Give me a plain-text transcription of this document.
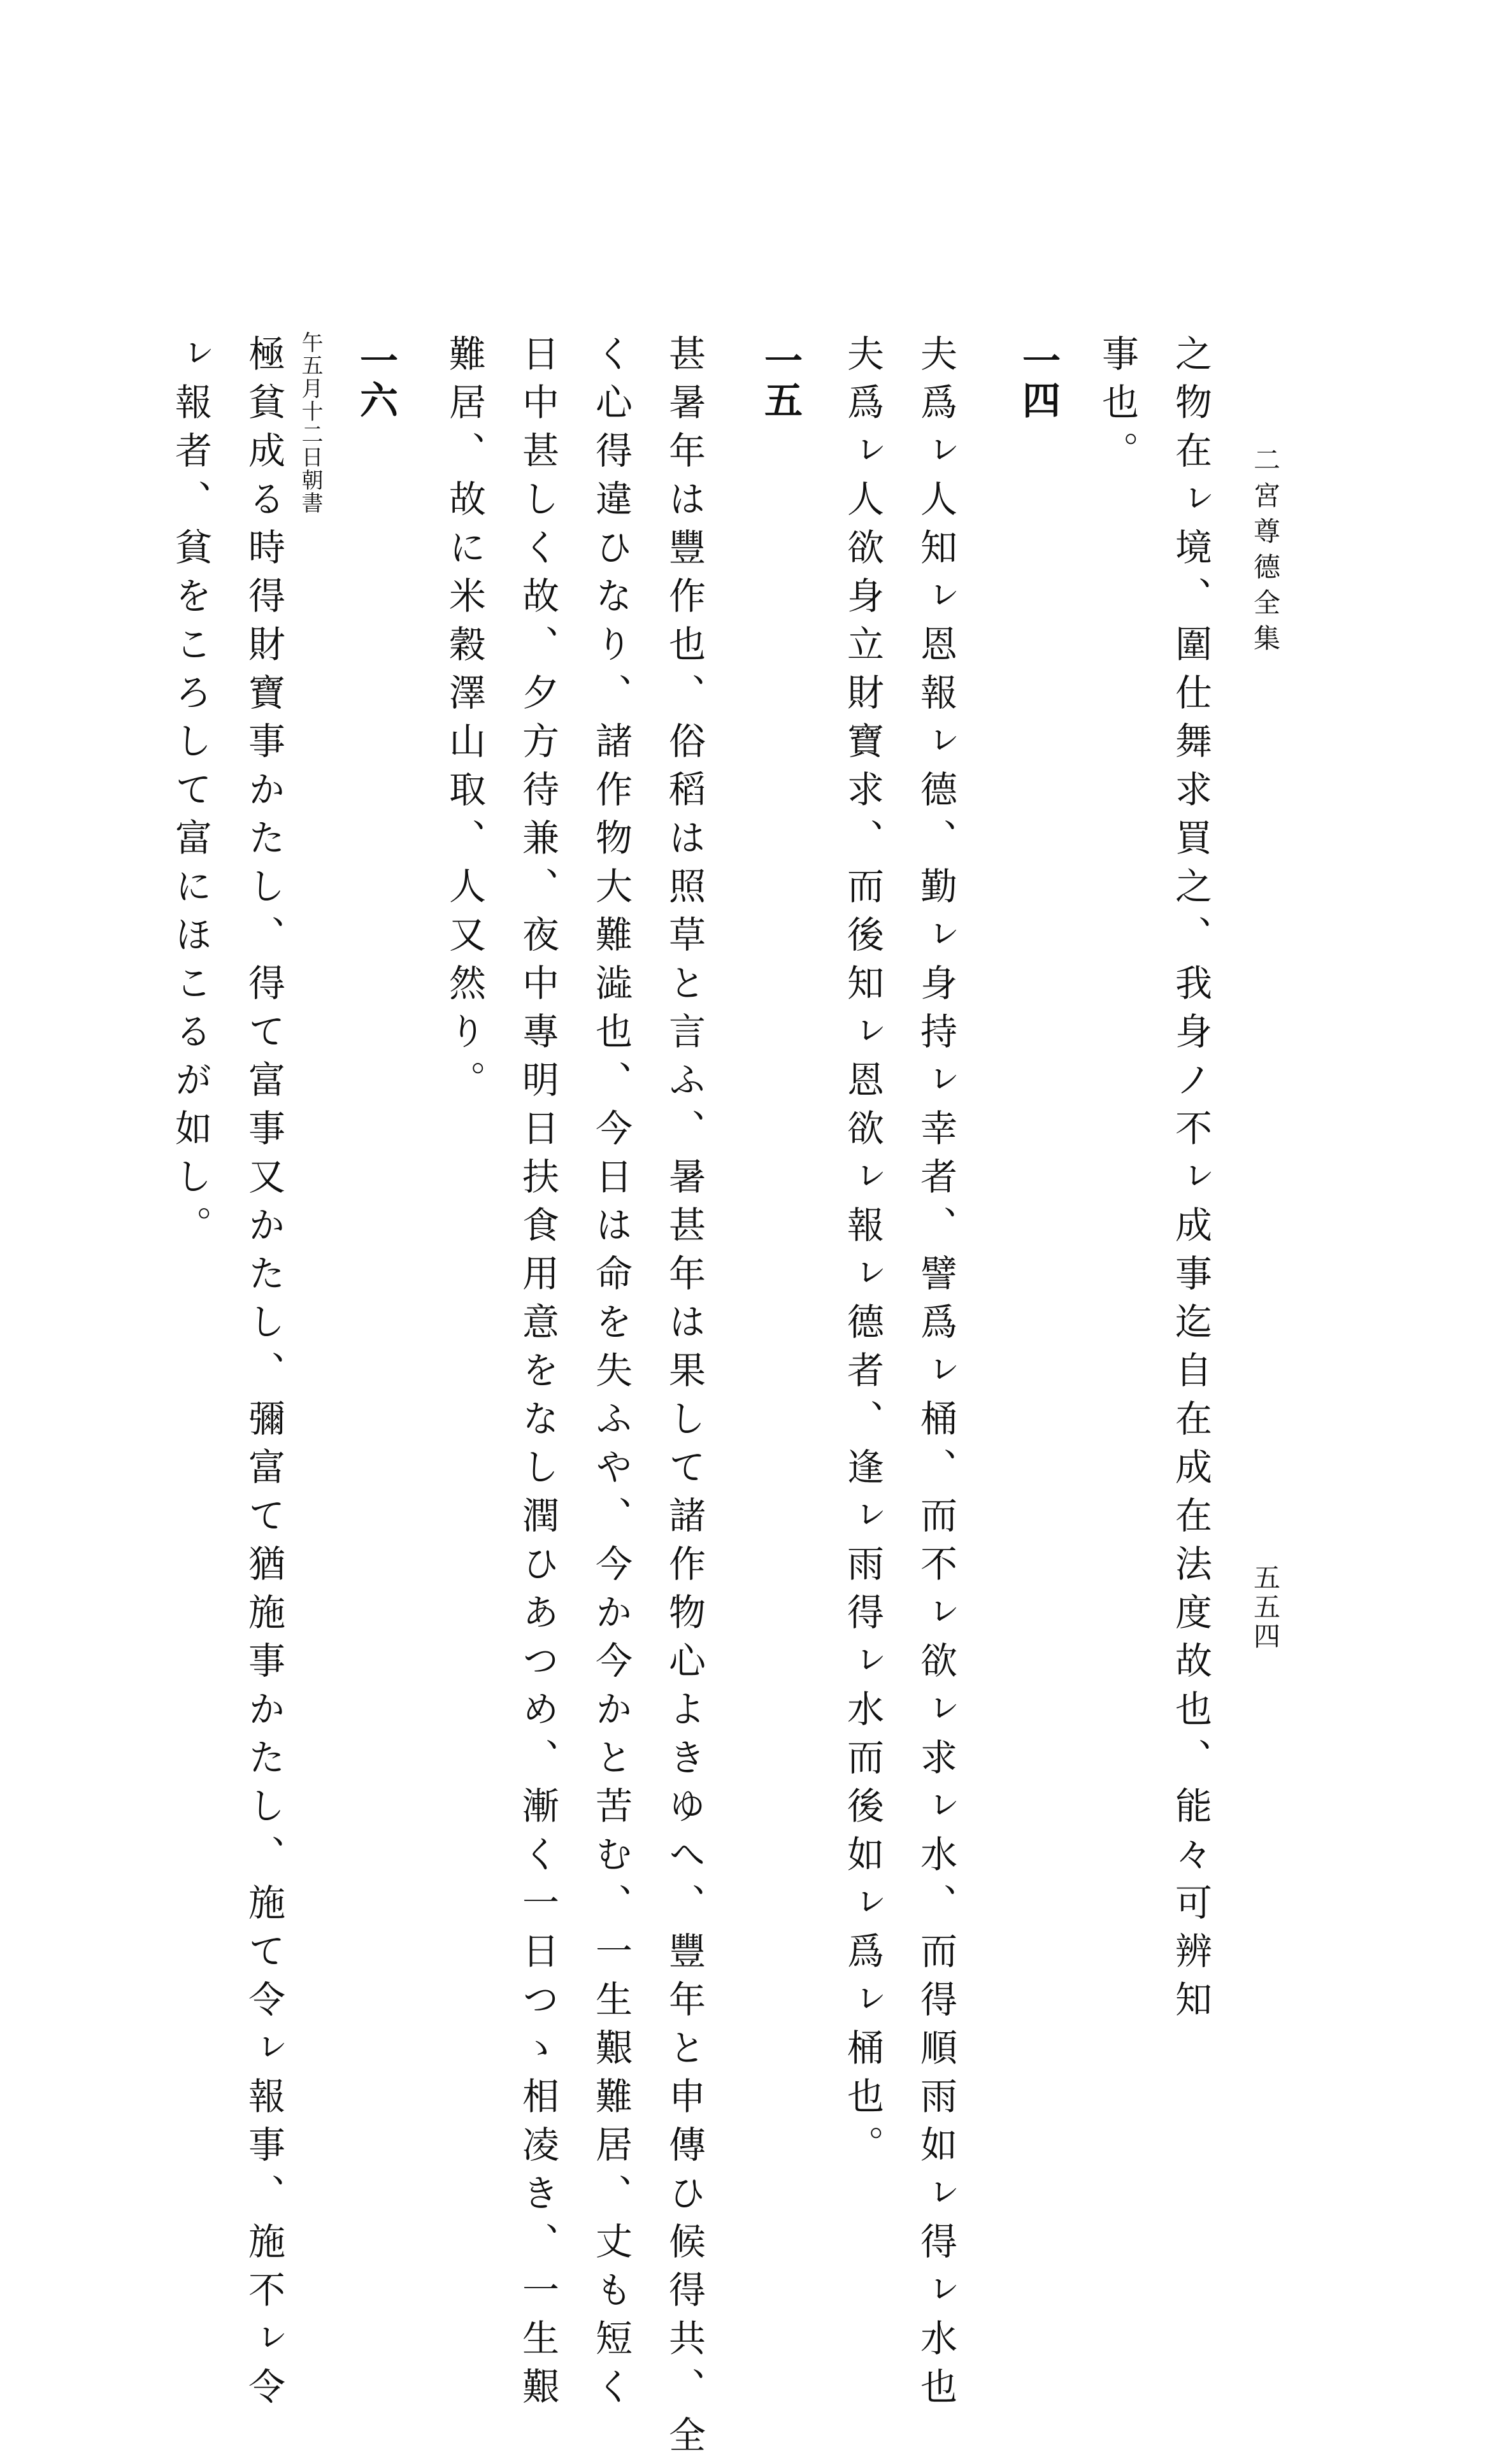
二宮尊德全集
五五四
之物在ㇾ境、圍仕舞求買之、我身ノ不ㇾ成事迄自在成在法度故也、能々可辨知
事也。
一四
夫爲ㇾ人知ㇾ恩報ㇾ德、勤ㇾ身持ㇾ幸者、譬爲ㇾ桶、而不ㇾ欲ㇾ求ㇾ水、而得順雨如ㇾ得ㇾ水也
夫爲ㇾ人欲身立財寶求、而後知ㇾ恩欲ㇾ報ㇾ德者、逢ㇾ雨得ㇾ水而後如ㇾ爲ㇾ桶也。
一五
甚暑年は豐作也、俗稻は照草と言ふ、暑甚年は果して諸作物心よきゆへ、豐年と申傳ひ候得共、全
く心得違ひなり、諸作物大難澁也、今日は命を失ふや、今か今かと苦む、一生艱難居、丈も短く
日中甚しく故、夕方待兼、夜中專明日扶食用意をなし潤ひあつめ、漸く一日つゝ相凌き、一生艱
難居、故に米穀澤山取、人又然り。
一六
午五月十二日朝書
極貧成る時得財寶事かたし、得て富事又かたし、彌富て猶施事かたし、施て令ㇾ報事、施不ㇾ令
ㇾ報者、貧をころして富にほこるが如し。
